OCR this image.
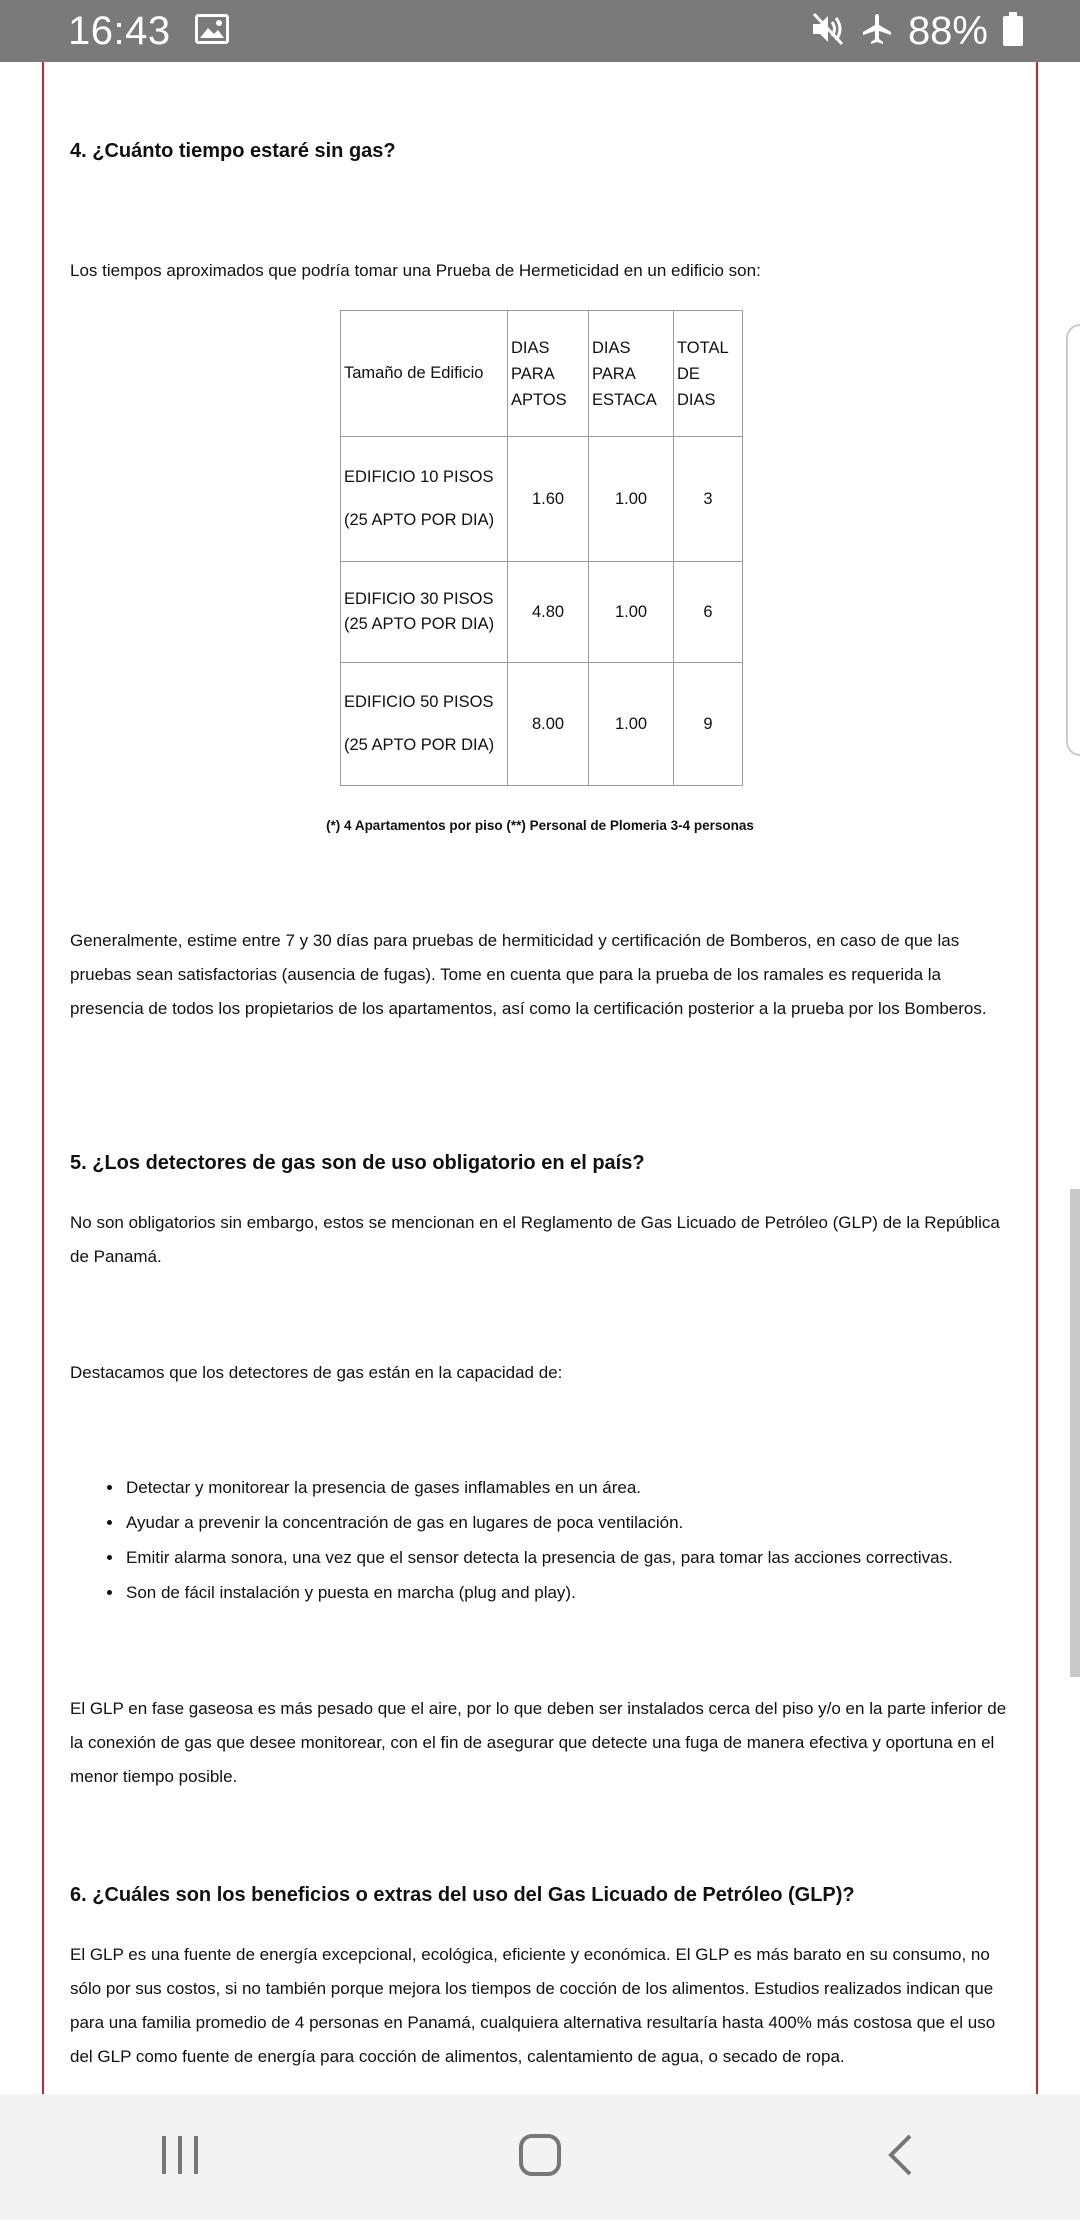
16:43	88%
4. ¿Cuánto tiempo estaré sin gas?

Los tiempos aproximados que podría tomar una Prueba de Hermeticidad en un edificio son:

Tamaño de Edificio	DIAS PARA APTOS	DIAS PARA ESTACA	TOTAL DE DIAS

EDIFICIO 10 PISOS
(25 APTO POR DIA)	1.60	1.00	3

EDIFICIO 30 PISOS
(25 APTO POR DIA)	4.80	1.00	6

EDIFICIO 50 PISOS
(25 APTO POR DIA)	8.00	1.00	9
(*) 4 Apartamentos por piso (**) Personal de Plomeria 3-4 personas

Generalmente, estime entre 7 y 30 días para pruebas de hermiticidad y certificación de Bomberos, en caso de que las pruebas sean satisfactorias (ausencia de fugas). Tome en cuenta que para la prueba de los ramales es requerida la presencia de todos los propietarios de los apartamentos, así como la certificación posterior a la prueba por los Bomberos.

5. ¿Los detectores de gas son de uso obligatorio en el país?

No son obligatorios sin embargo, estos se mencionan en el Reglamento de Gas Licuado de Petróleo (GLP) de la República de Panamá.

Destacamos que los detectores de gas están en la capacidad de:

• Detectar y monitorear la presencia de gases inflamables en un área.
• Ayudar a prevenir la concentración de gas en lugares de poca ventilación.
• Emitir alarma sonora, una vez que el sensor detecta la presencia de gas, para tomar las acciones correctivas.
• Son de fácil instalación y puesta en marcha (plug and play).

El GLP en fase gaseosa es más pesado que el aire, por lo que deben ser instalados cerca del piso y/o en la parte inferior de la conexión de gas que desee monitorear, con el fin de asegurar que detecte una fuga de manera efectiva y oportuna en el menor tiempo posible.

6. ¿Cuáles son los beneficios o extras del uso del Gas Licuado de Petróleo (GLP)?

El GLP es una fuente de energía excepcional, ecológica, eficiente y económica. El GLP es más barato en su consumo, no sólo por sus costos, si no también porque mejora los tiempos de cocción de los alimentos. Estudios realizados indican que para una familia promedio de 4 personas en Panamá, cualquiera alternativa resultaría hasta 400% más costosa que el uso del GLP como fuente de energía para cocción de alimentos, calentamiento de agua, o secado de ropa.
